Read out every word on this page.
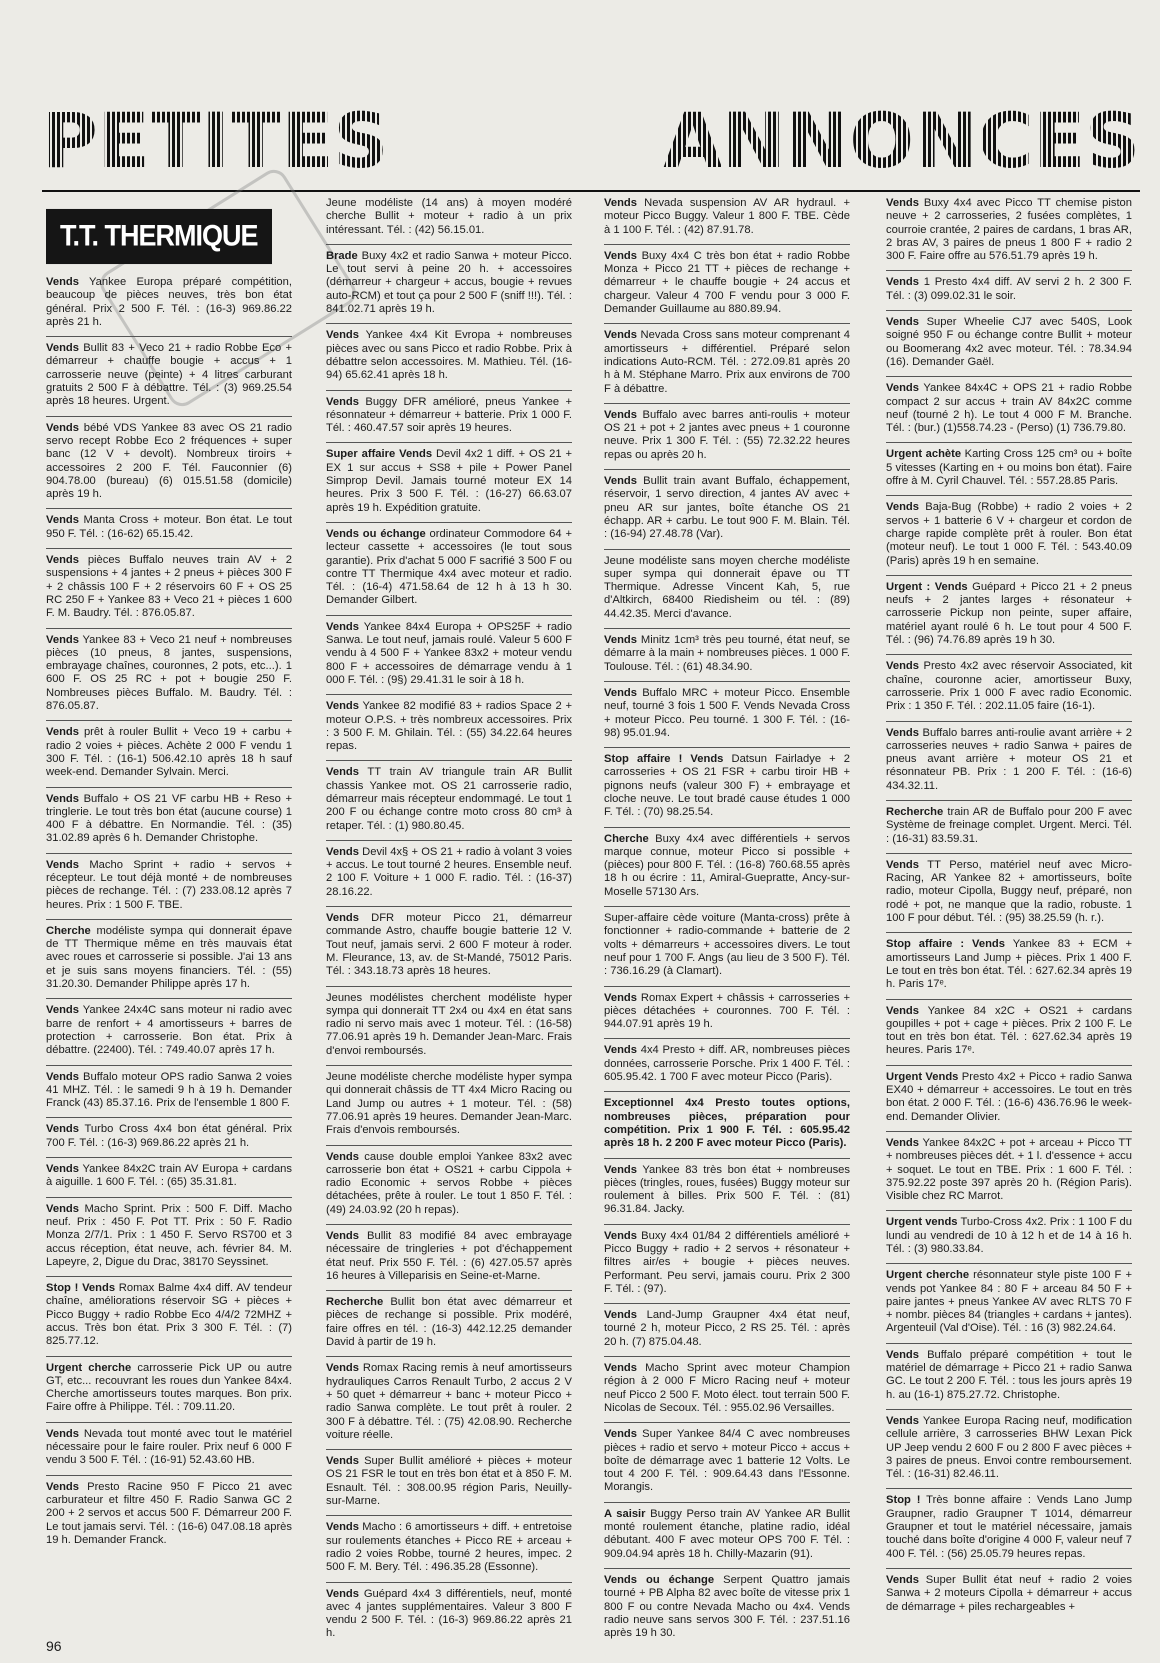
PETITES	ANNONCES
T.T. THERMIQUE

Vends Yankee Europa préparé compétition, beaucoup de pièces neuves, très bon état général. Prix 2 500 F. Tél. : (16-3) 969.86.22 après 21 h.

Vends Bullit 83 + Veco 21 + radio Robbe Eco + démarreur + chauffe bougie + accus + 1 carrosserie neuve (peinte) + 4 litres carburant gratuits 2 500 F à débattre. Tél. : (3) 969.25.54 après 18 heures. Urgent.

Vends bébé VDS Yankee 83 avec OS 21 radio servo recept Robbe Eco 2 fréquences + super banc (12 V + devolt). Nombreux tiroirs + accessoires 2 200 F. Tél. Fauconnier (6) 904.78.00 (bureau) (6) 015.51.58 (domicile) après 19 h.

Vends Manta Cross + moteur. Bon état. Le tout 950 F. Tél. : (16-62) 65.15.42.

Vends pièces Buffalo neuves train AV + 2 suspensions + 4 jantes + 2 pneus + pièces 300 F + 2 châssis 100 F + 2 réservoirs 60 F + OS 25 RC 250 F + Yankee 83 + Veco 21 + pièces 1 600 F. M. Baudry. Tél. : 876.05.87.

Vends Yankee 83 + Veco 21 neuf + nombreuses pièces (10 pneus, 8 jantes, suspensions, embrayage chaînes, couronnes, 2 pots, etc...). 1 600 F. OS 25 RC + pot + bougie 250 F. Nombreuses pièces Buffalo. M. Baudry. Tél. : 876.05.87.

Vends prêt à rouler Bullit + Veco 19 + carbu + radio 2 voies + pièces. Achète 2 000 F vendu 1 300 F. Tél. : (16-1) 506.42.10 après 18 h sauf week-end. Demander Sylvain. Merci.

Vends Buffalo + OS 21 VF carbu HB + Reso + tringlerie. Le tout très bon état (aucune course) 1 400 F à débattre. En Normandie. Tél. : (35) 31.02.89 après 6 h. Demander Christophe.

Vends Macho Sprint + radio + servos + récepteur. Le tout déjà monté + de nombreuses pièces de rechange. Tél. : (7) 233.08.12 après 7 heures. Prix : 1 500 F. TBE.

Cherche modéliste sympa qui donnerait épave de TT Thermique même en très mauvais état avec roues et carrosserie si possible. J'ai 13 ans et je suis sans moyens financiers. Tél. : (55) 31.20.30. Demander Philippe après 17 h.

Vends Yankee 24x4C sans moteur ni radio avec barre de renfort + 4 amortisseurs + barres de protection + carrosserie. Bon état. Prix à débattre. (22400). Tél. : 749.40.07 après 17 h.

Vends Buffalo moteur OPS radio Sanwa 2 voies 41 MHZ. Tél. : le samedi 9 h à 19 h. Demander Franck (43) 85.37.16. Prix de l'ensemble 1 800 F.

Vends Turbo Cross 4x4 bon état général. Prix 700 F. Tél. : (16-3) 969.86.22 après 21 h.

Vends Yankee 84x2C train AV Europa + cardans à aiguille. 1 600 F. Tél. : (65) 35.31.81.

Vends Macho Sprint. Prix : 500 F. Diff. Macho neuf. Prix : 450 F. Pot TT. Prix : 50 F. Radio Monza 2/7/1. Prix : 1 450 F. Servo RS700 et 3 accus réception, état neuve, ach. février 84. M. Lapeyre, 2, Digue du Drac, 38170 Seyssinet.

Stop ! Vends Romax Balme 4x4 diff. AV tendeur chaîne, améliorations réservoir SG + pièces + Picco Buggy + radio Robbe Eco 4/4/2 72MHZ + accus. Très bon état. Prix 3 300 F. Tél. : (7) 825.77.12.

Urgent cherche carrosserie Pick UP ou autre GT, etc... recouvrant les roues dun Yankee 84x4. Cherche amortisseurs toutes marques. Bon prix. Faire offre à Philippe. Tél. : 709.11.20.

Vends Nevada tout monté avec tout le matériel nécessaire pour le faire rouler. Prix neuf 6 000 F vendu 3 500 F. Tél. : (16-91) 52.43.60 HB.

Vends Presto Racine 950 F Picco 21 avec carburateur et filtre 450 F. Radio Sanwa GC 2 200 + 2 servos et accus 500 F. Démarreur 200 F. Le tout jamais servi. Tél. : (16-6) 047.08.18 après 19 h. Demander Franck.

Jeune modéliste (14 ans) à moyen modéré cherche Bullit + moteur + radio à un prix intéressant. Tél. : (42) 56.15.01.

Brade Buxy 4x2 et radio Sanwa + moteur Picco. Le tout servi à peine 20 h. + accessoires (démarreur + chargeur + accus, bougie + revues auto-RCM) et tout ça pour 2 500 F (sniff !!!). Tél. : 841.02.71 après 19 h.

Vends Yankee 4x4 Kit Evropa + nombreuses pièces avec ou sans Picco et radio Robbe. Prix à débattre selon accessoires. M. Mathieu. Tél. (16-94) 65.62.41 après 18 h.

Vends Buggy DFR amélioré, pneus Yankee + résonnateur + démarreur + batterie. Prix 1 000 F. Tél. : 460.47.57 soir après 19 heures.

Super affaire Vends Devil 4x2 1 diff. + OS 21 + EX 1 sur accus + SS8 + pile + Power Panel Simprop Devil. Jamais tourné moteur EX 14 heures. Prix 3 500 F. Tél. : (16-27) 66.63.07 après 19 h. Expédition gratuite.

Vends ou échange ordinateur Commodore 64 + lecteur cassette + accessoires (le tout sous garantie). Prix d'achat 5 000 F sacrifié 3 500 F ou contre TT Thermique 4x4 avec moteur et radio. Tél. : (16-4) 471.58.64 de 12 h à 13 h 30. Demander Gilbert.

Vends Yankee 84x4 Europa + OPS25F + radio Sanwa. Le tout neuf, jamais roulé. Valeur 5 600 F vendu à 4 500 F + Yankee 83x2 + moteur vendu 800 F + accessoires de démarrage vendu à 1 000 F. Tél. : (9§) 29.41.31 le soir à 18 h.

Vends Yankee 82 modifié 83 + radios Space 2 + moteur O.P.S. + très nombreux accessoires. Prix : 3 500 F. M. Ghilain. Tél. : (55) 34.22.64 heures repas.

Vends TT train AV triangule train AR Bullit chassis Yankee mot. OS 21 carrosserie radio, démarreur mais récepteur endommagé. Le tout 1 200 F ou échange contre moto cross 80 cm³ à retaper. Tél. : (1) 980.80.45.

Vends Devil 4x§ + OS 21 + radio à volant 3 voies + accus. Le tout tourné 2 heures. Ensemble neuf. 2 100 F. Voiture + 1 000 F. radio. Tél. : (16-37) 28.16.22.

Vends DFR moteur Picco 21, démarreur commande Astro, chauffe bougie batterie 12 V. Tout neuf, jamais servi. 2 600 F moteur à roder. M. Fleurance, 13, av. de St-Mandé, 75012 Paris. Tél. : 343.18.73 après 18 heures.

Jeunes modélistes cherchent modéliste hyper sympa qui donnerait TT 2x4 ou 4x4 en état sans radio ni servo mais avec 1 moteur. Tél. : (16-58) 77.06.91 après 19 h. Demander Jean-Marc. Frais d'envoi remboursés.

Jeune modéliste cherche modéliste hyper sympa qui donnerait châssis de TT 4x4 Micro Racing ou Land Jump ou autres + 1 moteur. Tél. : (58) 77.06.91 après 19 heures. Demander Jean-Marc. Frais d'envois remboursés.

Vends cause double emploi Yankee 83x2 avec carrosserie bon état + OS21 + carbu Cippola + radio Economic + servos Robbe + pièces détachées, prête à rouler. Le tout 1 850 F. Tél. : (49) 24.03.92 (20 h repas).

Vends Bullit 83 modifié 84 avec embrayage nécessaire de tringleries + pot d'échappement état neuf. Prix 550 F. Tél. : (6) 427.05.57 après 16 heures à Villeparisis en Seine-et-Marne.

Recherche Bullit bon état avec démarreur et pièces de rechange si possible. Prix modéré, faire offres en tél. : (16-3) 442.12.25 demander David à partir de 19 h.

Vends Romax Racing remis à neuf amortisseurs hydrauliques Carros Renault Turbo, 2 accus 2 V + 50 quet + démarreur + banc + moteur Picco + radio Sanwa complète. Le tout prêt à rouler. 2 300 F à débattre. Tél. : (75) 42.08.90. Recherche voiture réelle.

Vends Super Bullit amélioré + pièces + moteur OS 21 FSR le tout en très bon état et à 850 F. M. Esnault. Tél. : 308.00.95 région Paris, Neuilly-sur-Marne.

Vends Macho : 6 amortisseurs + diff. + entretoise sur roulements étanches + Picco RE + arceau + radio 2 voies Robbe, tourné 2 heures, impec. 2 500 F. M. Bery. Tél. : 496.35.28 (Essonne).

Vends Guépard 4x4 3 différentiels, neuf, monté avec 4 jantes supplémentaires. Valeur 3 800 F vendu 2 500 F. Tél. : (16-3) 969.86.22 après 21 h.

Vends Nevada suspension AV AR hydraul. + moteur Picco Buggy. Valeur 1 800 F. TBE. Cède à 1 100 F. Tél. : (42) 87.91.78.

Vends Buxy 4x4 C très bon état + radio Robbe Monza + Picco 21 TT + pièces de rechange + démarreur + le chauffe bougie + 24 accus et chargeur. Valeur 4 700 F vendu pour 3 000 F. Demander Guillaume au 880.89.94.

Vends Nevada Cross sans moteur comprenant 4 amortisseurs + différentiel. Préparé selon indications Auto-RCM. Tél. : 272.09.81 après 20 h à M. Stéphane Marro. Prix aux environs de 700 F à débattre.

Vends Buffalo avec barres anti-roulis + moteur OS 21 + pot + 2 jantes avec pneus + 1 couronne neuve. Prix 1 300 F. Tél. : (55) 72.32.22 heures repas ou après 20 h.

Vends Bullit train avant Buffalo, échappement, réservoir, 1 servo direction, 4 jantes AV avec + pneu AR sur jantes, boîte étanche OS 21 échapp. AR + carbu. Le tout 900 F. M. Blain. Tél. : (16-94) 27.48.78 (Var).

Jeune modéliste sans moyen cherche modéliste super sympa qui donnerait épave ou TT Thermique. Adresse Vincent Kah, 5, rue d'Altkirch, 68400 Riedisheim ou tél. : (89) 44.42.35. Merci d'avance.

Vends Minitz 1cm³ très peu tourné, état neuf, se démarre à la main + nombreuses pièces. 1 000 F. Toulouse. Tél. : (61) 48.34.90.

Vends Buffalo MRC + moteur Picco. Ensemble neuf, tourné 3 fois 1 500 F. Vends Nevada Cross + moteur Picco. Peu tourné. 1 300 F. Tél. : (16-98) 95.01.94.

Stop affaire ! Vends Datsun Fairladye + 2 carrosseries + OS 21 FSR + carbu tiroir HB + pignons neufs (valeur 300 F) + embrayage et cloche neuve. Le tout bradé cause études 1 000 F. Tél. : (70) 98.25.54.

Cherche Buxy 4x4 avec différentiels + servos marque connue, moteur Picco si possible + (pièces) pour 800 F. Tél. : (16-8) 760.68.55 après 18 h ou écrire : 11, Amiral-Guepratte, Ancy-sur-Moselle 57130 Ars.

Super-affaire cède voiture (Manta-cross) prête à fonctionner + radio-commande + batterie de 2 volts + démarreurs + accessoires divers. Le tout neuf pour 1 700 F. Angs (au lieu de 3 500 F). Tél. : 736.16.29 (à Clamart).

Vends Romax Expert + châssis + carrosseries + pièces détachées + couronnes. 700 F. Tél. : 944.07.91 après 19 h.

Vends 4x4 Presto + diff. AR, nombreuses pièces données, carrosserie Porsche. Prix 1 400 F. Tél. : 605.95.42. 1 700 F avec moteur Picco (Paris).

Exceptionnel 4x4 Presto toutes options, nombreuses pièces, préparation pour compétition. Prix 1 900 F. Tél. : 605.95.42 après 18 h. 2 200 F avec moteur Picco (Paris).

Vends Yankee 83 très bon état + nombreuses pièces (tringles, roues, fusées) Buggy moteur sur roulement à billes. Prix 500 F. Tél. : (81) 96.31.84. Jacky.

Vends Buxy 4x4 01/84 2 différentiels amélioré + Picco Buggy + radio + 2 servos + résonateur + filtres air/es + bougie + pièces neuves. Performant. Peu servi, jamais couru. Prix 2 300 F. Tél. : (97).

Vends Land-Jump Graupner 4x4 état neuf, tourné 2 h, moteur Picco, 2 RS 25. Tél. : après 20 h. (7) 875.04.48.

Vends Macho Sprint avec moteur Champion région à 2 000 F Micro Racing neuf + moteur neuf Picco 2 500 F. Moto élect. tout terrain 500 F. Nicolas de Secoux. Tél. : 955.02.96 Versailles.

Vends Super Yankee 84/4 C avec nombreuses pièces + radio et servo + moteur Picco + accus + boîte de démarrage avec 1 batterie 12 Volts. Le tout 4 200 F. Tél. : 909.64.43 dans l'Essonne. Morangis.

A saisir Buggy Perso train AV Yankee AR Bullit monté roulement étanche, platine radio, idéal débutant. 400 F avec moteur OPS 700 F. Tél. : 909.04.94 après 18 h. Chilly-Mazarin (91).

Vends ou échange Serpent Quattro jamais tourné + PB Alpha 82 avec boîte de vitesse prix 1 800 F ou contre Nevada Macho ou 4x4. Vends radio neuve sans servos 300 F. Tél. : 237.51.16 après 19 h 30.

Vends Buxy 4x4 avec Picco TT chemise piston neuve + 2 carrosseries, 2 fusées complètes, 1 courroie crantée, 2 paires de cardans, 1 bras AR, 2 bras AV, 3 paires de pneus 1 800 F + radio 2 300 F. Faire offre au 576.51.79 après 19 h.

Vends 1 Presto 4x4 diff. AV servi 2 h. 2 300 F. Tél. : (3) 099.02.31 le soir.

Vends Super Wheelie CJ7 avec 540S, Look soigné 950 F ou échange contre Bullit + moteur ou Boomerang 4x2 avec moteur. Tél. : 78.34.94 (16). Demander Gaël.

Vends Yankee 84x4C + OPS 21 + radio Robbe compact 2 sur accus + train AV 84x2C comme neuf (tourné 2 h). Le tout 4 000 F M. Branche. Tél. : (bur.) (1)558.74.23 - (Perso) (1) 736.79.80.

Urgent achète Karting Cross 125 cm³ ou + boîte 5 vitesses (Karting en + ou moins bon état). Faire offre à M. Cyril Chauvel. Tél. : 557.28.85 Paris.

Vends Baja-Bug (Robbe) + radio 2 voies + 2 servos + 1 batterie 6 V + chargeur et cordon de charge rapide complète prêt à rouler. Bon état (moteur neuf). Le tout 1 000 F. Tél. : 543.40.09 (Paris) après 19 h en semaine.

Urgent : Vends Guépard + Picco 21 + 2 pneus neufs + 2 jantes larges + résonateur + carrosserie Pickup non peinte, super affaire, matériel ayant roulé 6 h. Le tout pour 4 500 F. Tél. : (96) 74.76.89 après 19 h 30.

Vends Presto 4x2 avec réservoir Associated, kit chaîne, couronne acier, amortisseur Buxy, carrosserie. Prix 1 000 F avec radio Economic. Prix : 1 350 F. Tél. : 202.11.05 faire (16-1).

Vends Buffalo barres anti-roulie avant arrière + 2 carrosseries neuves + radio Sanwa + paires de pneus avant arrière + moteur OS 21 et résonnateur PB. Prix : 1 200 F. Tél. : (16-6) 434.32.11.

Recherche train AR de Buffalo pour 200 F avec Système de freinage complet. Urgent. Merci. Tél. : (16-31) 83.59.31.

Vends TT Perso, matériel neuf avec Micro-Racing, AR Yankee 82 + amortisseurs, boîte radio, moteur Cipolla, Buggy neuf, préparé, non rodé + pot, ne manque que la radio, robuste. 1 100 F pour début. Tél. : (95) 38.25.59 (h. r.).

Stop affaire : Vends Yankee 83 + ECM + amortisseurs Land Jump + pièces. Prix 1 400 F. Le tout en très bon état. Tél. : 627.62.34 après 19 h. Paris 17ᵉ.

Vends Yankee 84 x2C + OS21 + cardans goupilles + pot + cage + pièces. Prix 2 100 F. Le tout en très bon état. Tél. : 627.62.34 après 19 heures. Paris 17ᵉ.

Urgent Vends Presto 4x2 + Picco + radio Sanwa EX40 + démarreur + accessoires. Le tout en très bon état. 2 000 F. Tél. : (16-6) 436.76.96 le week-end. Demander Olivier.

Vends Yankee 84x2C + pot + arceau + Picco TT + nombreuses pièces dét. + 1 l. d'essence + accu + soquet. Le tout en TBE. Prix : 1 600 F. Tél. : 375.92.22 poste 397 après 20 h. (Région Paris). Visible chez RC Marrot.

Urgent vends Turbo-Cross 4x2. Prix : 1 100 F du lundi au vendredi de 10 à 12 h et de 14 à 16 h. Tél. : (3) 980.33.84.

Urgent cherche résonnateur style piste 100 F + vends pot Yankee 84 : 80 F + arceau 84 50 F + paire jantes + pneus Yankee AV avec RLTS 70 F + nombr. pièces 84 (triangles + cardans + jantes). Argenteuil (Val d'Oise). Tél. : 16 (3) 982.24.64.

Vends Buffalo préparé compétition + tout le matériel de démarrage + Picco 21 + radio Sanwa GC. Le tout 2 200 F. Tél. : tous les jours après 19 h. au (16-1) 875.27.72. Christophe.

Vends Yankee Europa Racing neuf, modification cellule arrière, 3 carrosseries BHW Lexan Pick UP Jeep vendu 2 600 F ou 2 800 F avec pièces + 3 paires de pneus. Envoi contre remboursement. Tél. : (16-31) 82.46.11.

Stop ! Très bonne affaire : Vends Lano Jump Graupner, radio Graupner T 1014, démarreur Graupner et tout le matériel nécessaire, jamais touché dans boîte d'origine 4 000 F, valeur neuf 7 400 F. Tél. : (56) 25.05.79 heures repas.

Vends Super Bullit état neuf + radio 2 voies Sanwa + 2 moteurs Cipolla + démarreur + accus de démarrage + piles rechargeables +

96
